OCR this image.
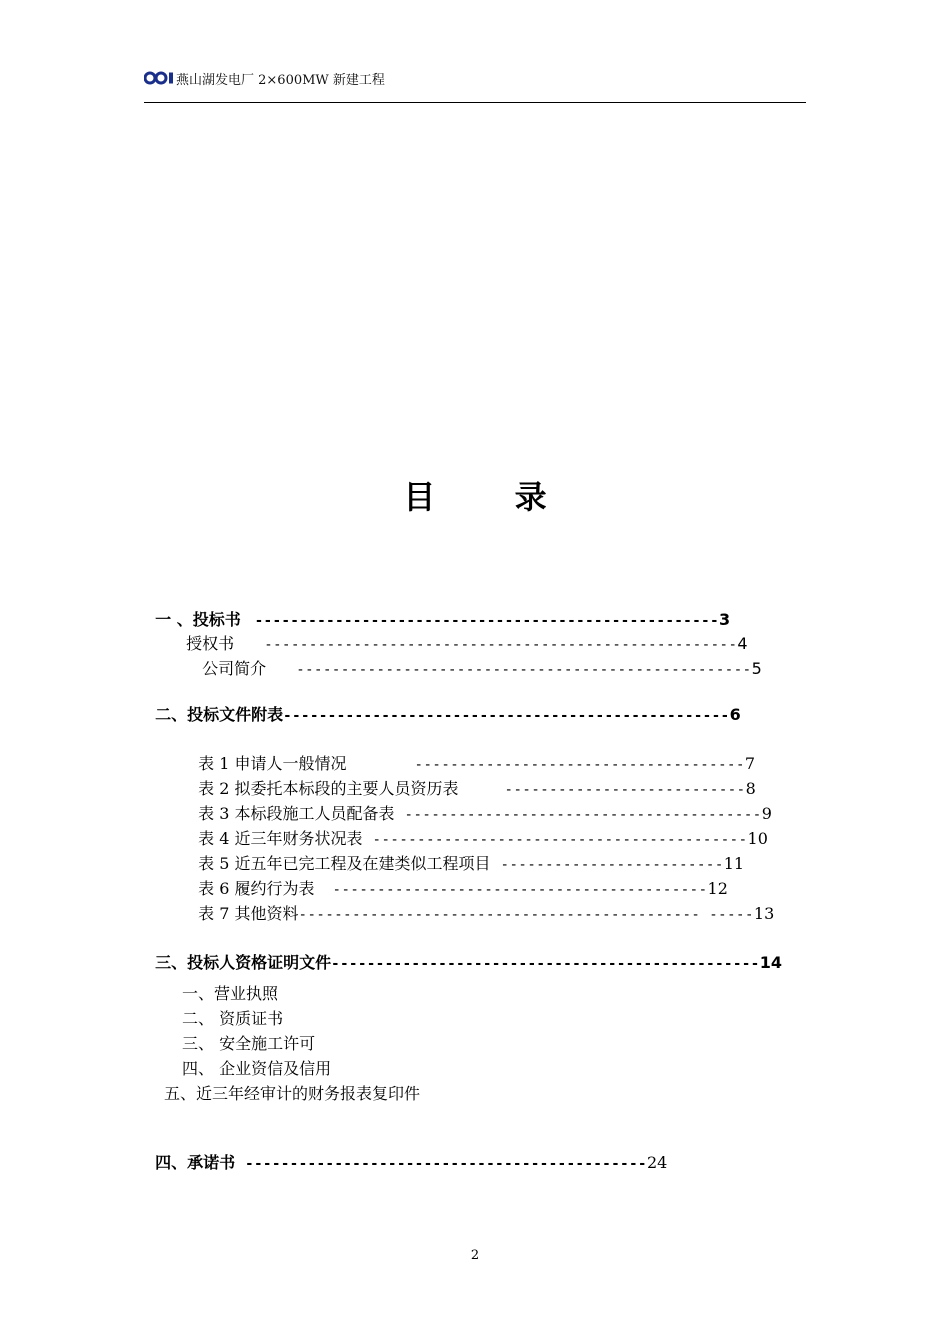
燕山湖发电厂 2×600MW 新建工程
目 录

一 、投标书 ----------------------------------------------------3

授权书 -----------------------------------------------------4

公司简介 ---------------------------------------------------5

二、投标文件附表--------------------------------------------------6

表 1 申请人一般情况	-------------------------------------7

表 2 拟委托本标段的主要人员资历表	---------------------------8

表 3 本标段施工人员配备表 ----------------------------------------9

表 4 近三年财务状况表 ------------------------------------------10

表 5 近五年已完工程及在建类似工程项目 -------------------------11

表 6 履约行为表 ------------------------------------------12

表 7 其他资料--------------------------------------------- -----13

三、投标人资格证明文件------------------------------------------------14

一、营业执照
二、 资质证书
三、 安全施工许可
四、 企业资信及信用
五、近三年经审计的财务报表复印件

四、承诺书 ---------------------------------------------24

2
